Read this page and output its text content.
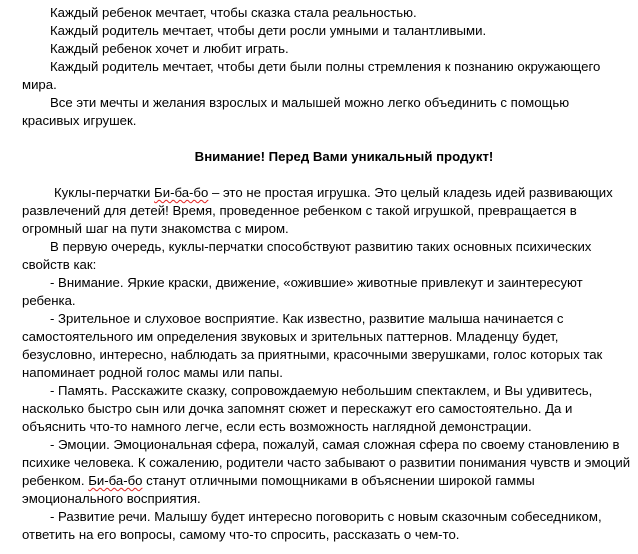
Каждый ребенок мечтает, чтобы сказка стала реальностью.
Каждый родитель мечтает, чтобы дети росли умными и талантливыми.
Каждый ребенок хочет и любит играть.
Каждый родитель мечтает, чтобы дети были полны стремления к познанию окружающего
мира.
Все эти мечты и желания взрослых и малышей можно легко объединить с помощью
красивых игрушек.
Внимание! Перед Вами уникальный продукт!
Куклы-перчатки Би-ба-бо – это не простая игрушка. Это целый кладезь идей развивающих
развлечений для детей! Время, проведенное ребенком с такой игрушкой, превращается в
огромный шаг на пути знакомства с миром.
В первую очередь, куклы-перчатки способствуют развитию таких основных психических
свойств как:
- Внимание. Яркие краски, движение, «ожившие» животные привлекут и заинтересуют
ребенка.
- Зрительное и слуховое восприятие. Как известно, развитие малыша начинается с
самостоятельного им определения звуковых и зрительных паттернов. Младенцу будет,
безусловно, интересно, наблюдать за приятными, красочными зверушками, голос которых так
напоминает родной голос мамы или папы.
- Память. Расскажите сказку, сопровождаемую небольшим спектаклем, и Вы удивитесь,
насколько быстро сын или дочка запомнят сюжет и перескажут его самостоятельно. Да и
объяснить что-то намного легче, если есть возможность наглядной демонстрации.
- Эмоции. Эмоциональная сфера, пожалуй, самая сложная сфера по своему становлению в
психике человека. К сожалению, родители часто забывают о развитии понимания чувств и эмоций
ребенком. Би-ба-бо станут отличными помощниками в объяснении широкой гаммы
эмоционального восприятия.
- Развитие речи. Малышу будет интересно поговорить с новым сказочным собеседником,
ответить на его вопросы, самому что-то спросить, рассказать о чем-то.
